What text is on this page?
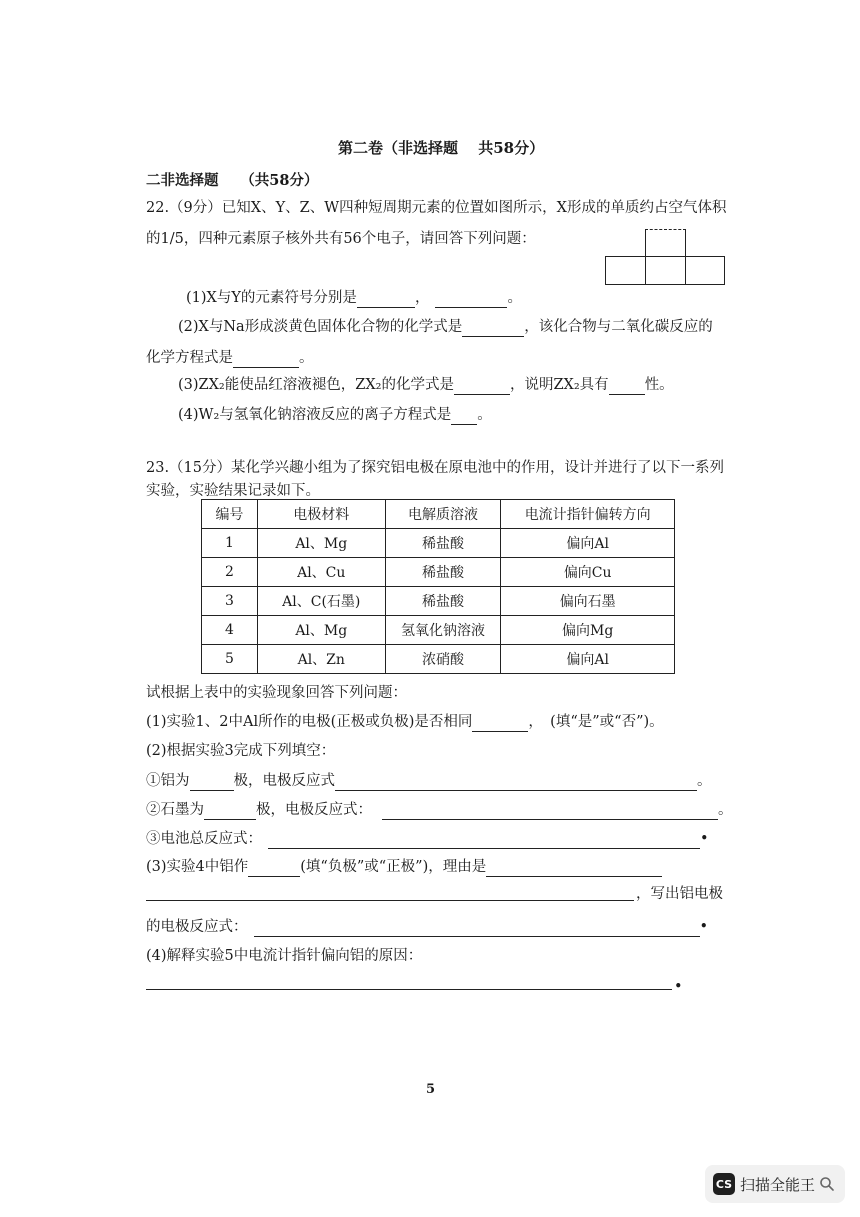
第二卷（非选择题　 共58分）
二非选择题　　（共58分）
22.（9分）已知X、Y、Z、W四种短周期元素的位置如图所示，X形成的单质约占空气体积
的1/5，四种元素原子核外共有56个电子，请回答下列问题：
(1)X与Y的元素符号分别是	，	。
(2)X与Na形成淡黄色固体化合物的化学式是	，该化合物与二氧化碳反应的
化学方程式是	。
(3)ZX₂能使品红溶液褪色，ZX₂的化学式是	，说明ZX₂具有 性。
(4)W₂与氢氧化钠溶液反应的离子方程式是 。
23.（15分）某化学兴趣小组为了探究铝电极在原电池中的作用，设计并进行了以下一系列
实验，实验结果记录如下。
编号	电极材料	电解质溶液	电流计指针偏转方向
1	Al、Mg	稀盐酸	偏向Al
2	Al、Cu	稀盐酸	偏向Cu
3	Al、C(石墨)	稀盐酸	偏向石墨
4	Al、Mg	氢氧化钠溶液	偏向Mg
5	Al、Zn	浓硝酸	偏向Al
试根据上表中的实验现象回答下列问题：
(1)实验1、2中Al所作的电极(正极或负极)是否相同	，　(填“是”或“否”)。
(2)根据实验3完成下列填空：
①铝为	极，电极反应式	。
②石墨为	极，电极反应式：	。
③电池总反应式：	•
(3)实验4中铝作	(填“负极”或“正极”)，理由是
，写出铝电极
的电极反应式：	•
(4)解释实验5中电流计指针偏向铝的原因：
•
5
CS 扫描全能王
